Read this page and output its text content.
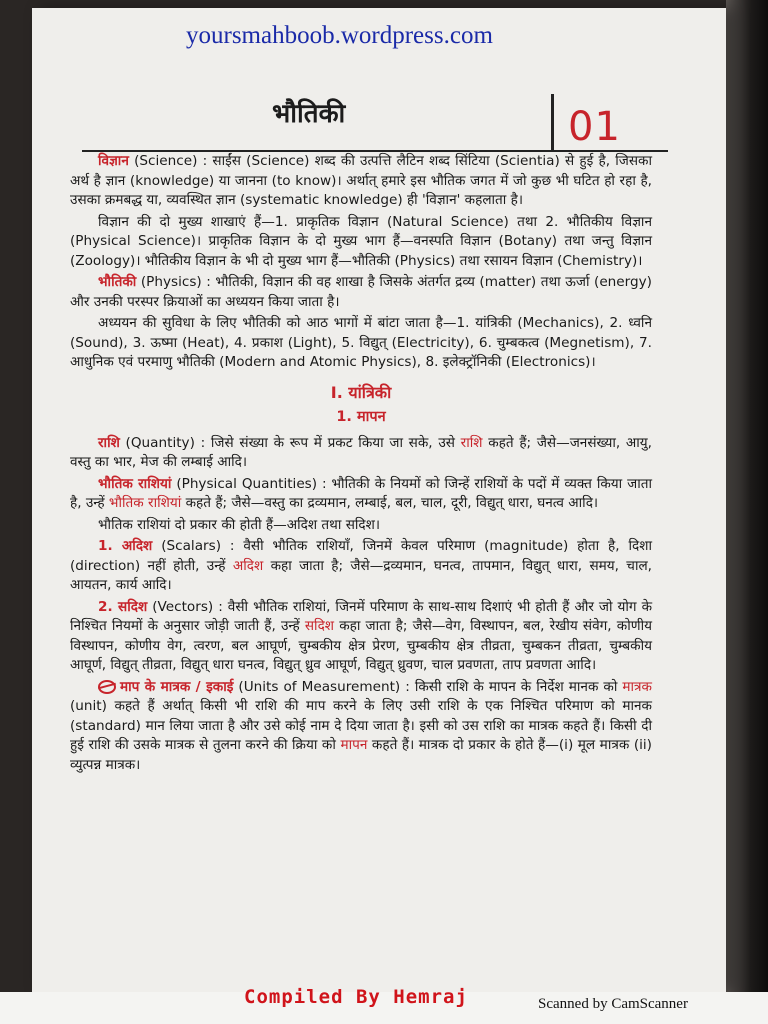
yoursmahboob.wordpress.com
भौतिकी	01

विज्ञान (Science) : साईंस (Science) शब्द की उत्पत्ति लैटिन शब्द सिंटिया (Scientia) से हुई है, जिसका अर्थ है ज्ञान (knowledge) या जानना (to know)। अर्थात् हमारे इस भौतिक जगत में जो कुछ भी घटित हो रहा है, उसका क्रमबद्ध या, व्यवस्थित ज्ञान (systematic knowledge) ही 'विज्ञान' कहलाता है।

विज्ञान की दो मुख्य शाखाएं हैं—1. प्राकृतिक विज्ञान (Natural Science) तथा 2. भौतिकीय विज्ञान (Physical Science)। प्राकृतिक विज्ञान के दो मुख्य भाग हैं—वनस्पति विज्ञान (Botany) तथा जन्तु विज्ञान (Zoology)। भौतिकीय विज्ञान के भी दो मुख्य भाग हैं—भौतिकी (Physics) तथा रसायन विज्ञान (Chemistry)।

भौतिकी (Physics) : भौतिकी, विज्ञान की वह शाखा है जिसके अंतर्गत द्रव्य (matter) तथा ऊर्जा (energy) और उनकी परस्पर क्रियाओं का अध्ययन किया जाता है।

अध्ययन की सुविधा के लिए भौतिकी को आठ भागों में बांटा जाता है—1. यांत्रिकी (Mechanics), 2. ध्वनि (Sound), 3. ऊष्मा (Heat), 4. प्रकाश (Light), 5. विद्युत् (Electricity), 6. चुम्बकत्व (Megnetism), 7. आधुनिक एवं परमाणु भौतिकी (Modern and Atomic Physics), 8. इलेक्ट्रॉनिकी (Electronics)।

I. यांत्रिकी
1. मापन

राशि (Quantity) : जिसे संख्या के रूप में प्रकट किया जा सके, उसे राशि कहते हैं; जैसे—जनसंख्या, आयु, वस्तु का भार, मेज की लम्बाई आदि।

भौतिक राशियां (Physical Quantities) : भौतिकी के नियमों को जिन्हें राशियों के पदों में व्यक्त किया जाता है, उन्हें भौतिक राशियां कहते हैं; जैसे—वस्तु का द्रव्यमान, लम्बाई, बल, चाल, दूरी, विद्युत् धारा, घनत्व आदि।

भौतिक राशियां दो प्रकार की होती हैं—अदिश तथा सदिश।

1. अदिश (Scalars) : वैसी भौतिक राशियाँ, जिनमें केवल परिमाण (magnitude) होता है, दिशा (direction) नहीं होती, उन्हें अदिश कहा जाता है; जैसे—द्रव्यमान, घनत्व, तापमान, विद्युत् धारा, समय, चाल, आयतन, कार्य आदि।

2. सदिश (Vectors) : वैसी भौतिक राशियां, जिनमें परिमाण के साथ-साथ दिशाएं भी होती हैं और जो योग के निश्चित नियमों के अनुसार जोड़ी जाती हैं, उन्हें सदिश कहा जाता है; जैसे—वेग, विस्थापन, बल, रेखीय संवेग, कोणीय विस्थापन, कोणीय वेग, त्वरण, बल आघूर्ण, चुम्बकीय क्षेत्र प्रेरण, चुम्बकीय क्षेत्र तीव्रता, चुम्बकन तीव्रता, चुम्बकीय आघूर्ण, विद्युत् तीव्रता, विद्युत् धारा घनत्व, विद्युत् ध्रुव आघूर्ण, विद्युत् ध्रुवण, चाल प्रवणता, ताप प्रवणता आदि।

माप के मात्रक / इकाई (Units of Measurement) : किसी राशि के मापन के निर्देश मानक को मात्रक (unit) कहते हैं अर्थात् किसी भी राशि की माप करने के लिए उसी राशि के एक निश्चित परिमाण को मानक (standard) मान लिया जाता है और उसे कोई नाम दे दिया जाता है। इसी को उस राशि का मात्रक कहते हैं। किसी दी हुई राशि की उसके मात्रक से तुलना करने की क्रिया को मापन कहते हैं। मात्रक दो प्रकार के होते हैं—(i) मूल मात्रक (ii) व्युत्पन्न मात्रक।

Compiled By Hemraj	Scanned by CamScanner
